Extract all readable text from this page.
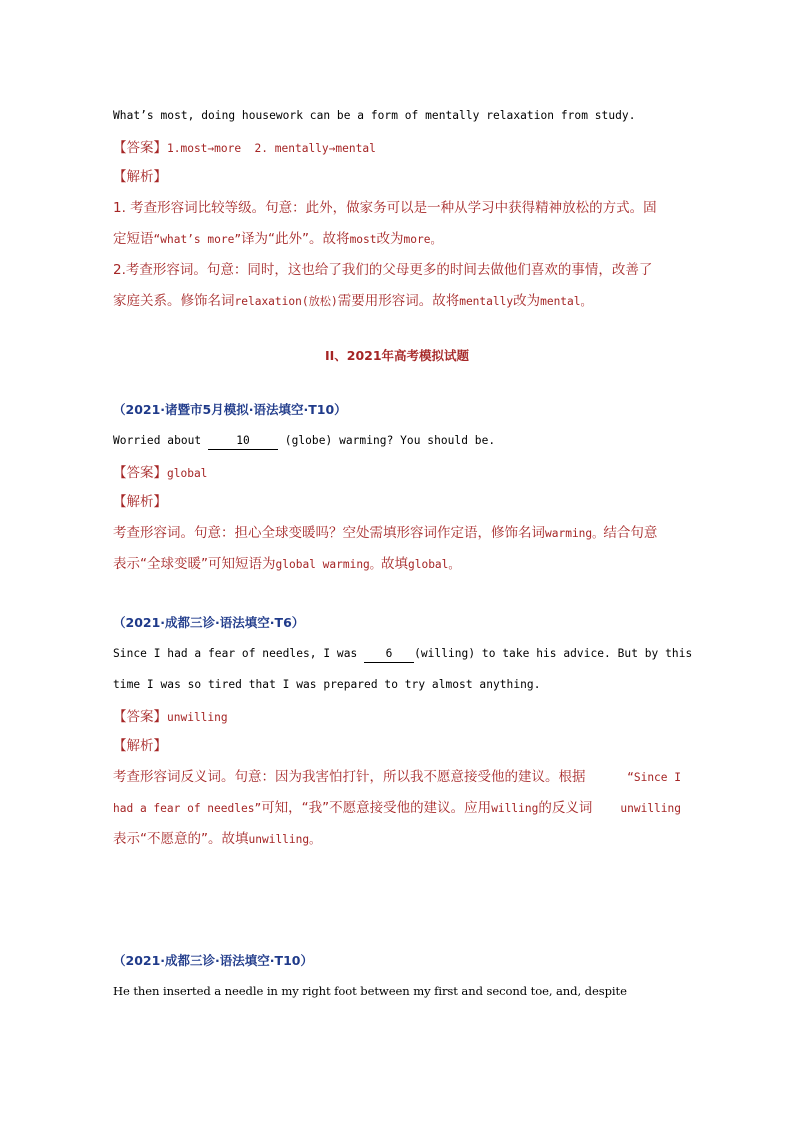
What’s most, doing housework can be a form of mentally relaxation from study.
【答案】1.most→more  2. mentally→mental
【解析】
1. 考查形容词比较等级。句意：此外，做家务可以是一种从学习中获得精神放松的方式。固
定短语“what’s more”译为“此外”。故将most改为more。
2.考查形容词。句意：同时，这也给了我们的父母更多的时间去做他们喜欢的事情，改善了
家庭关系。修饰名词relaxation(放松)需要用形容词。故将mentally改为mental。
II、2021年高考模拟试题
（2021·诸暨市5月模拟·语法填空·T10）
Worried about	10	(globe) warming? You should be.
【答案】global
【解析】
考查形容词。句意：担心全球变暖吗？空处需填形容词作定语，修饰名词warming。结合句意
表示“全球变暖”可知短语为global warming。故填global。
（2021·成都三诊·语法填空·T6）
Since I had a fear of needles, I was 6 (willing) to take his advice. But by this
time I was so tired that I was prepared to try almost anything.
【答案】unwilling
【解析】
考查形容词反义词。句意：因为我害怕打针，所以我不愿意接受他的建议。根据	“Since I
had a fear of needles”可知，“我”不愿意接受他的建议。应用willing的反义词	unwilling
表示“不愿意的”。故填unwilling。
（2021·成都三诊·语法填空·T10）
He then inserted a needle in my right foot between my first and second toe, and, despite
